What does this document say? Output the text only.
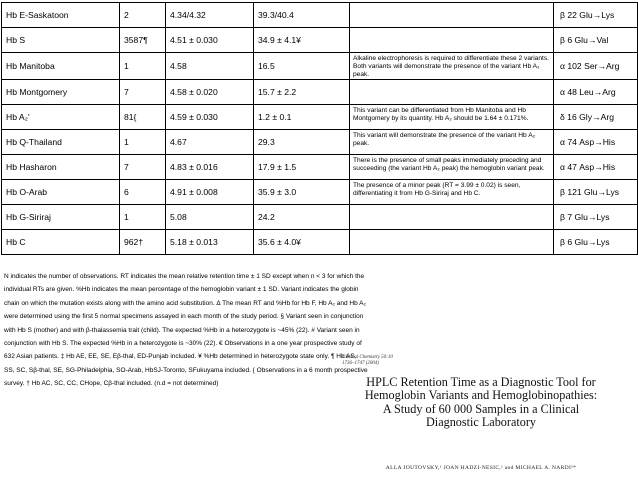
Hb E-Saskatoon	2	4.34/4.32	39.3/40.4		β 22 Glu→Lys
Hb S	3587¶	4.51 ± 0.030	34.9 ± 4.1¥		β 6 Glu→Val
Hb Manitoba	1	4.58	16.5	Alkaline electrophoresis is required to differentiate these 2 variants. Both variants will demonstrate the presence of the variant Hb A₂ peak.	α 102 Ser→Arg
Hb Montgomery	7	4.58 ± 0.020	15.7 ± 2.2		α 48 Leu→Arg
Hb A₂'	81{	4.59 ± 0.030	1.2 ± 0.1	This variant can be differentiated from Hb Manitoba and Hb Montgomery by its quantity. Hb A₂ should be 1.64 ± 0.171%.	δ 16 Gly→Arg
Hb Q-Thailand	1	4.67	29.3	This variant will demonstrate the presence of the variant Hb A₂ peak.	α 74 Asp→His
Hb Hasharon	7	4.83 ± 0.016	17.9 ± 1.5	There is the presence of small peaks immediately preceding and succeeding (the variant Hb A₂ peak) the hemoglobin variant peak.	α 47 Asp→His
Hb O-Arab	6	4.91 ± 0.008	35.9 ± 3.0	The presence of a minor peak (RT = 3.99 ± 0.02) is seen, differentiating it from Hb G-Siriraj and Hb C.	β 121 Glu→Lys
Hb G-Siriraj	1	5.08	24.2		β 7 Glu→Lys
Hb C	962†	5.18 ± 0.013	35.6 ± 4.0¥		β 6 Glu→Lys

N indicates the number of observations. RT indicates the mean relative retention time ± 1 SD except when n < 3 for which the

individual RTs are given. %Hb indicates the mean percentage of the hemoglobin variant ± 1 SD. Variant indicates the globin

chain on which the mutation exists along with the amino acid substitution. ∆ The mean RT and %Hb for Hb F, Hb A₂ and Hb A₂

were determined using the first 5 normal specimens assayed in each month of the study period. § Variant seen in conjunction

with Hb S (mother) and with β-thalassemia trait (child). The expected %Hb in a heterozygote is ~45% (22). # Variant seen in

conjunction with Hb S. The expected %Hb in a heterozygote is ~30% (22). € Observations in a one year prospective study of

632 Asian patients. ‡ Hb AE, EE, SE, Eβ-thal, ED-Punjab included. ¥ %Hb determined in heterozygote state only. ¶ Hb AS,

SS, SC, Sβ-thal, SE, SG-Philadelphia, SO-Arab, HbSJ-Toronto, SFukuyama included. { Observations in a 6 month prospective

survey. † Hb AC, SC, CC, CHope, Cβ-thal included. (n.d = not determined)

Clinical Chemistry 50:10
1736–1747 (2004)
HPLC Retention Time as a Diagnostic Tool for
Hemoglobin Variants and Hemoglobinopathies:
A Study of 60 000 Samples in a Clinical
Diagnostic Laboratory
ALLA JOUTOVSKY,¹ JOAN HADZI-NESIC,¹ and MICHAEL A. NARDI²*
